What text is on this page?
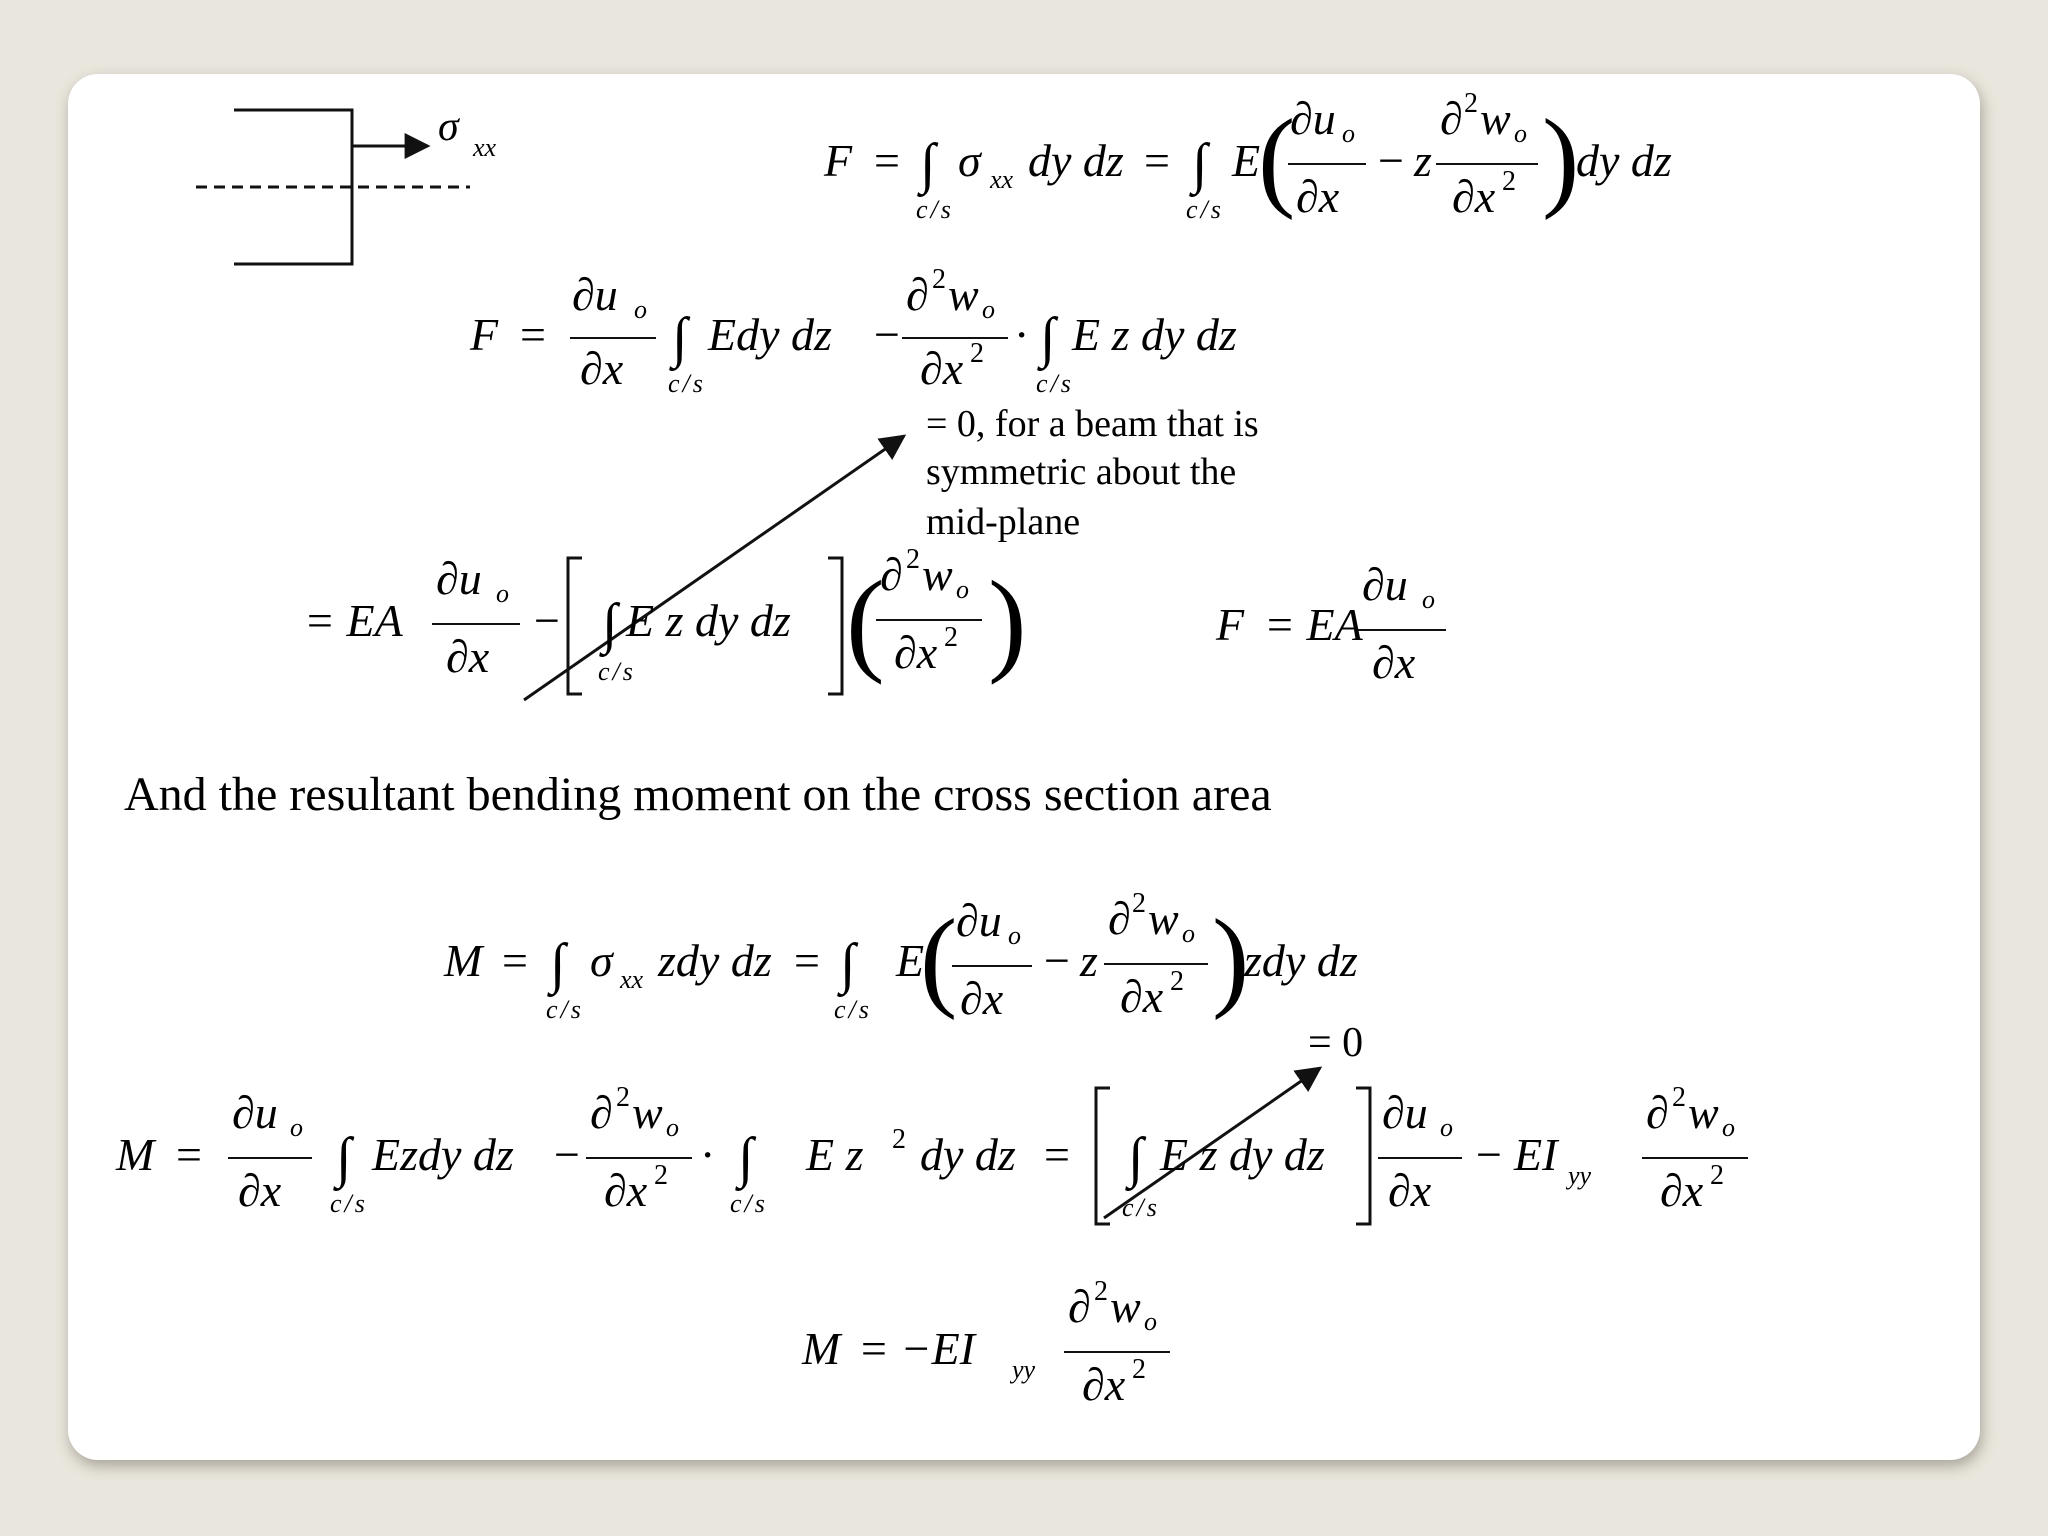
σ xx	F = ∫
c/s
σ xx dy dz = ∫
c/s
E
(
∂u o
∂x
− z
∂ 2 w o
∂x 2 )
dy dz
F =
∂u o
∂x ∫
c/s
Edy dz −
∂ 2 w o
∂x 2 · ∫
c/s
E z dy dz
= 0, for a beam that is
symmetric about the
mid-plane
= EA
∂u o
∂x
− ∫
c/s
E z dy dz (
∂ 2 w o
∂x 2 )	F = EA
∂u o
∂x
And the resultant bending moment on the cross section area
M = ∫
c/s
σ xx zdy dz = ∫
c/s
E
(
∂u o
∂x
− z
∂ 2 w o
∂x 2 )
zdy dz
= 0
M =
∂u o
∂x
∫
c/s
Ezdy dz −
∂ 2 w o
∂x 2 · ∫
c/s
E z 2 dy dz = ∫
c/s
E z dy dz
∂u o
∂x
− EI yy
∂ 2 w o
∂x 2
M = −EI yy
∂ 2 w o
∂x 2
